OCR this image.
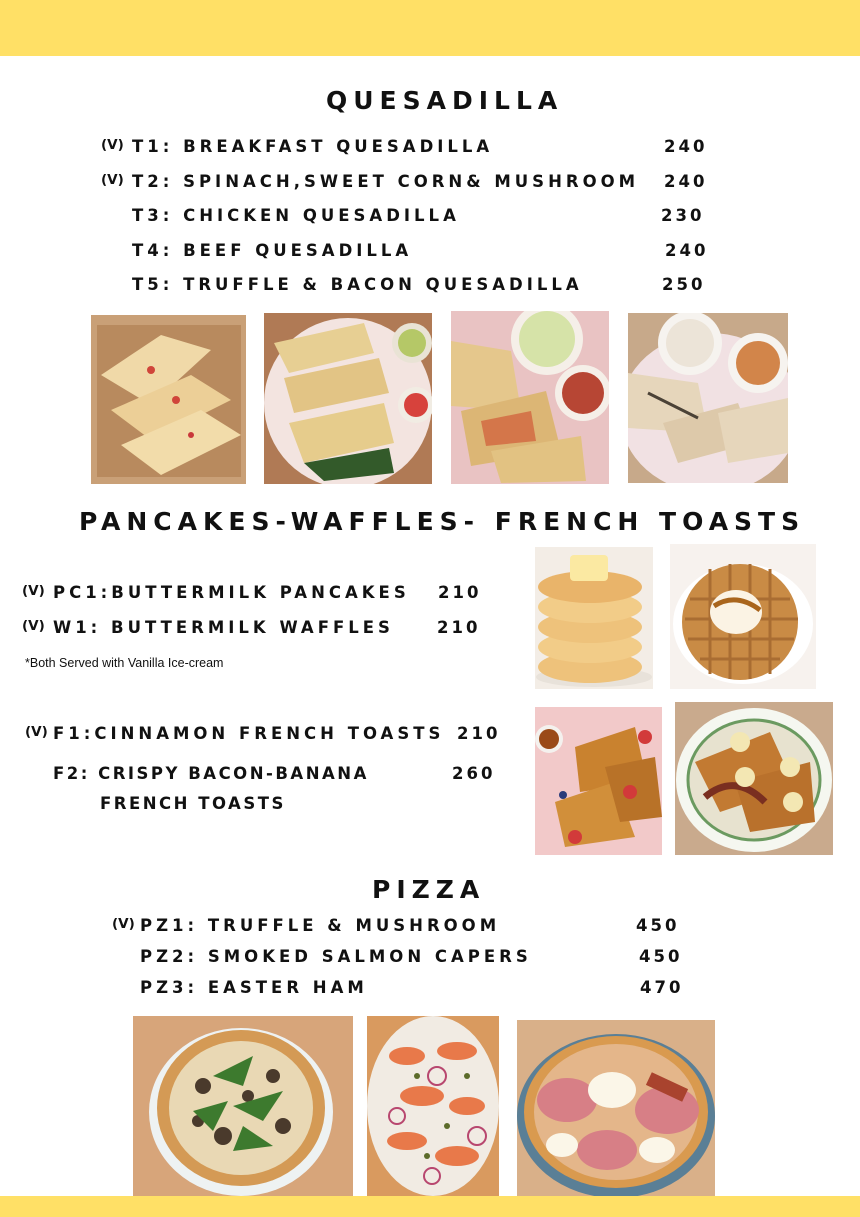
QUESADILLA
(V) T1: BREAKFAST QUESADILLA	240
(V) T2: SPINACH,SWEET CORN& MUSHROOM 240
T3: CHICKEN QUESADILLA	230
T4: BEEF QUESADILLA	240
T5: TRUFFLE & BACON QUESADILLA	250
PANCAKES-WAFFLES- FRENCH TOASTS
(V) PC1:BUTTERMILK PANCAKES 210
(V) W1: BUTTERMILK WAFFLES	210
*Both Served with Vanilla Ice-cream
(V) F1:CINNAMON FRENCH TOASTS 210
F2: CRISPY BACON-BANANA	260
FRENCH TOASTS
PIZZA
(V) PZ1: TRUFFLE & MUSHROOM	450
PZ2: SMOKED SALMON CAPERS	450
PZ3: EASTER HAM	470
